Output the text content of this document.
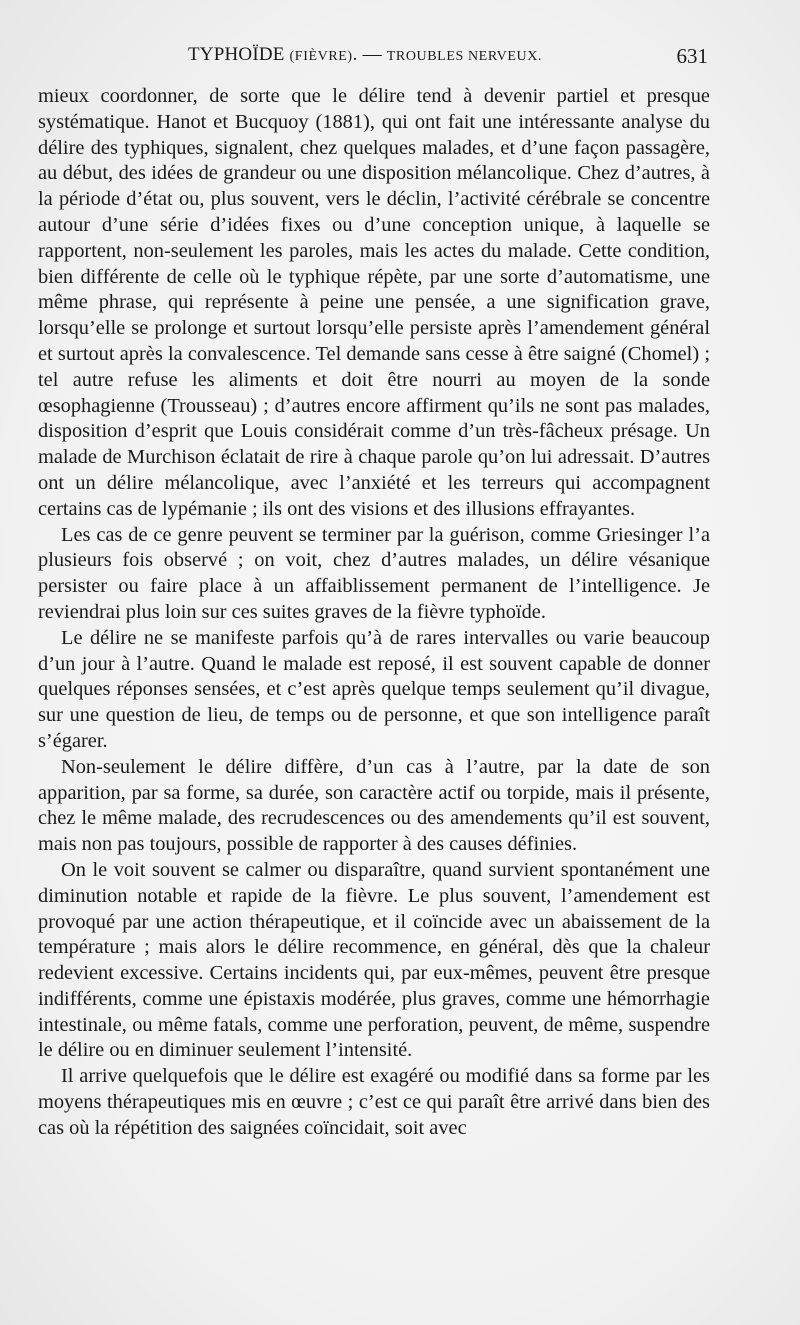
TYPHOÏDE (FIÈVRE). — TROUBLES NERVEUX.	631

mieux coordonner, de sorte que le délire tend à devenir partiel et presque systématique. Hanot et Bucquoy (1881), qui ont fait une intéressante analyse du délire des typhiques, signalent, chez quelques malades, et d’une façon passagère, au début, des idées de grandeur ou une disposition mélancolique. Chez d’autres, à la période d’état ou, plus souvent, vers le déclin, l’activité cérébrale se concentre autour d’une série d’idées fixes ou d’une conception unique, à laquelle se rapportent, non-seulement les paroles, mais les actes du malade. Cette condition, bien différente de celle où le typhique répète, par une sorte d’automatisme, une même phrase, qui représente à peine une pensée, a une signification grave, lorsqu’elle se prolonge et surtout lorsqu’elle persiste après l’amendement général et surtout après la convalescence. Tel demande sans cesse à être saigné (Chomel) ; tel autre refuse les aliments et doit être nourri au moyen de la sonde œsophagienne (Trousseau) ; d’autres encore affirment qu’ils ne sont pas malades, disposition d’esprit que Louis considérait comme d’un très-fâcheux présage. Un malade de Murchison éclatait de rire à chaque parole qu’on lui adressait. D’autres ont un délire mélancolique, avec l’anxiété et les terreurs qui accompagnent certains cas de lypémanie ; ils ont des visions et des illusions effrayantes.

Les cas de ce genre peuvent se terminer par la guérison, comme Griesinger l’a plusieurs fois observé ; on voit, chez d’autres malades, un délire vésanique persister ou faire place à un affaiblissement permanent de l’intelligence. Je reviendrai plus loin sur ces suites graves de la fièvre typhoïde.

Le délire ne se manifeste parfois qu’à de rares intervalles ou varie beaucoup d’un jour à l’autre. Quand le malade est reposé, il est souvent capable de donner quelques réponses sensées, et c’est après quelque temps seulement qu’il divague, sur une question de lieu, de temps ou de personne, et que son intelligence paraît s’égarer.

Non-seulement le délire diffère, d’un cas à l’autre, par la date de son apparition, par sa forme, sa durée, son caractère actif ou torpide, mais il présente, chez le même malade, des recrudescences ou des amendements qu’il est souvent, mais non pas toujours, possible de rapporter à des causes définies.

On le voit souvent se calmer ou disparaître, quand survient spontanément une diminution notable et rapide de la fièvre. Le plus souvent, l’amendement est provoqué par une action thérapeutique, et il coïncide avec un abaissement de la température ; mais alors le délire recommence, en général, dès que la chaleur redevient excessive. Certains incidents qui, par eux-mêmes, peuvent être presque indifférents, comme une épistaxis modérée, plus graves, comme une hémorrhagie intestinale, ou même fatals, comme une perforation, peuvent, de même, suspendre le délire ou en diminuer seulement l’intensité.

Il arrive quelquefois que le délire est exagéré ou modifié dans sa forme par les moyens thérapeutiques mis en œuvre ; c’est ce qui paraît être arrivé dans bien des cas où la répétition des saignées coïncidait, soit avec
